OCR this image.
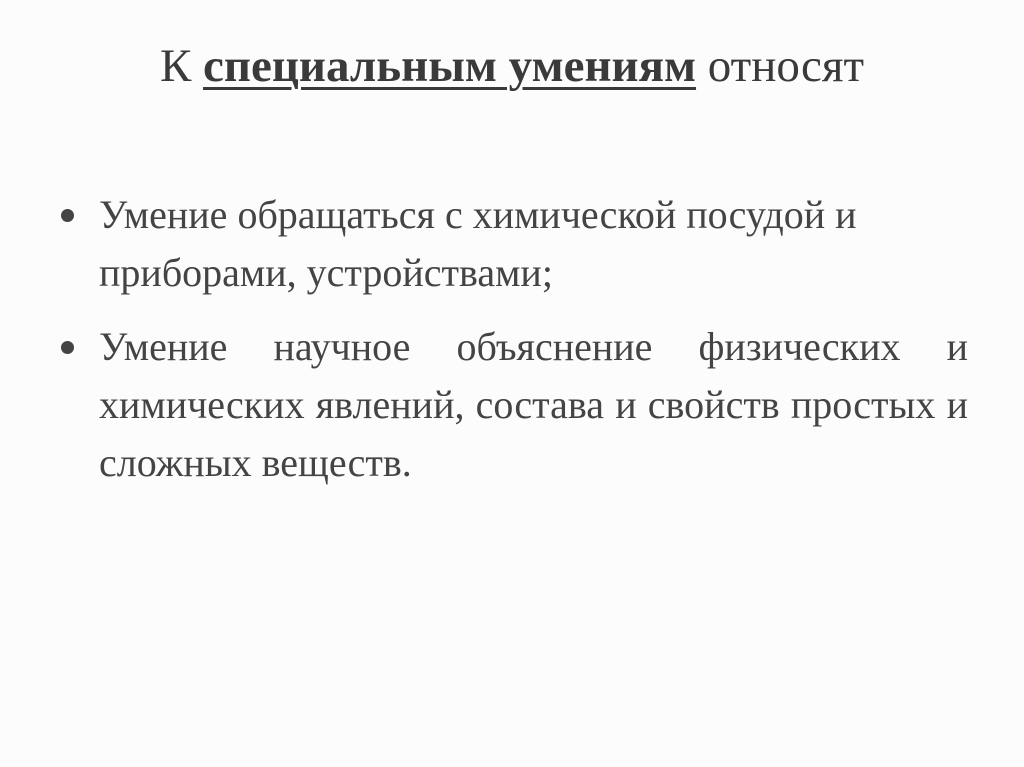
К специальным умениям относят
Умение обращаться с химической посудой и приборами, устройствами;
Умение научное объяснение физических и химических явлений, состава и свойств простых и сложных веществ.
